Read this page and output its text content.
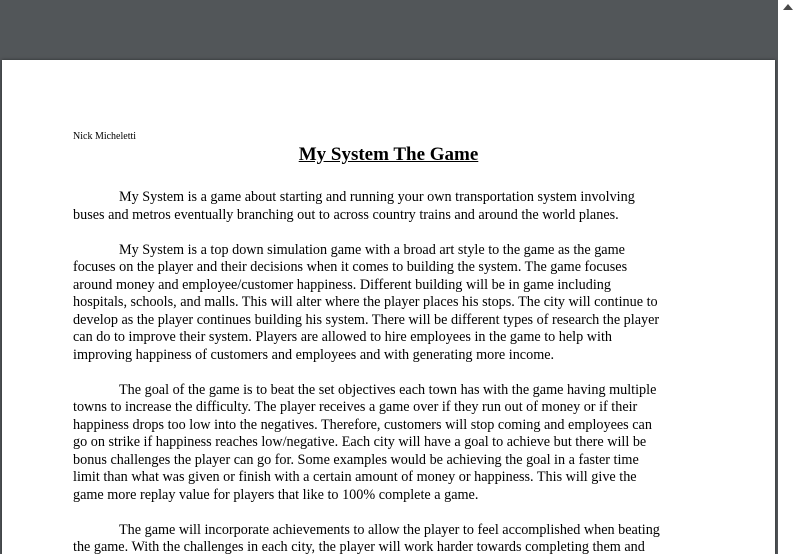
Nick Micheletti
My System The Game

My System is a game about starting and running your own transportation system involving
buses and metros eventually branching out to across country trains and around the world planes.

My System is a top down simulation game with a broad art style to the game as the game
focuses on the player and their decisions when it comes to building the system. The game focuses
around money and employee/customer happiness. Different building will be in game including
hospitals, schools, and malls. This will alter where the player places his stops. The city will continue to
develop as the player continues building his system. There will be different types of research the player
can do to improve their system. Players are allowed to hire employees in the game to help with
improving happiness of customers and employees and with generating more income.

The goal of the game is to beat the set objectives each town has with the game having multiple
towns to increase the difficulty. The player receives a game over if they run out of money or if their
happiness drops too low into the negatives. Therefore, customers will stop coming and employees can
go on strike if happiness reaches low/negative. Each city will have a goal to achieve but there will be
bonus challenges the player can go for. Some examples would be achieving the goal in a faster time
limit than what was given or finish with a certain amount of money or happiness. This will give the
game more replay value for players that like to 100% complete a game.

The game will incorporate achievements to allow the player to feel accomplished when beating
the game. With the challenges in each city, the player will work harder towards completing them and
